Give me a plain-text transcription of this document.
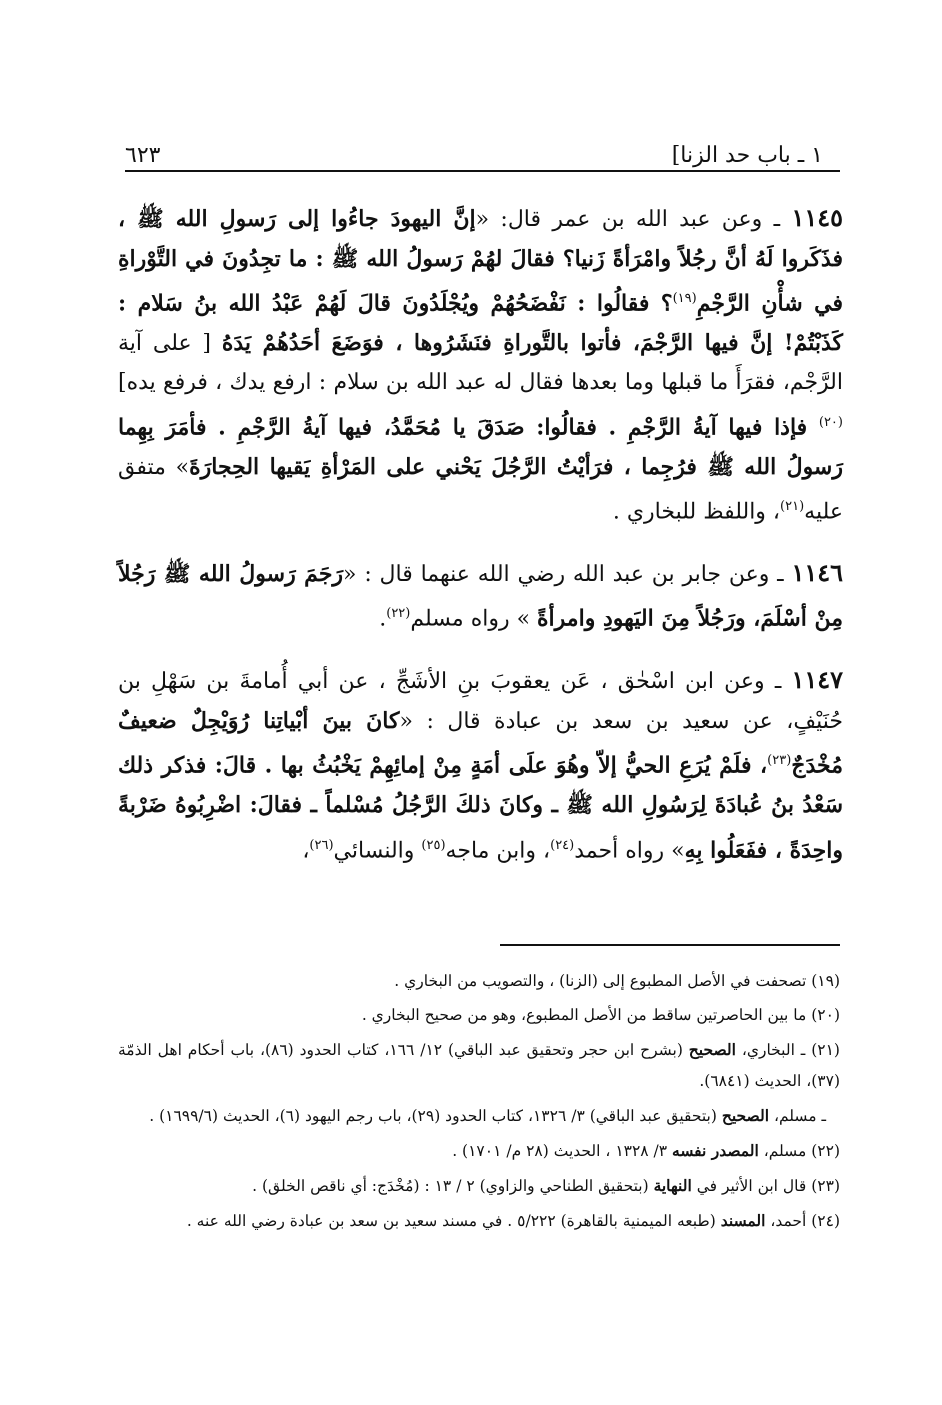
١ ـ باب حد الزنا]
٦٢٣

١١٤٥ ـ وعن عبد الله بن عمر قال: «إنَّ اليهودَ جاءُوا إلى رَسولِ الله ﷺ ، فذَكَروا لَهُ أنَّ رجُلاً وامْرَأةً زَنيا؟ فقالَ لهُمْ رَسولُ الله ﷺ : ما تجِدُونَ في التَّوْراةِ في شأْنِ الرَّجْمِ$^{(١٩)}$؟ فقالُوا : نَفْضَحُهُمْ ويُجْلَدُونَ قالَ لَهُمْ عَبْدُ الله بنُ سَلام : كَذَبْتُمْ! إنَّ فيها الرَّجْمَ، فأتوا بالتَّوراةِ فنَشَرُوها ، فوَضَعَ أحَدُهُمْ يَدَهُ [ على آية الرَّجْم، فقرَأَ ما قبلها وما بعدها فقال له عبد الله بن سلام : ارفع يدك ، فرفع يده]$^{(٢٠)}$ فإذا فيها آيةُ الرَّجْمِ . فقالُوا: صَدَقَ يا مُحَمَّدُ، فيها آيةُ الرَّجْمِ . فأمَرَ بِهِما رَسولُ الله ﷺ فرُجِما ، فرَأيْتُ الرَّجُلَ يَحْني على المَرْأةِ يَقيها الحِجارَةَ» متفق عليه$^{(٢١)}$، واللفظ للبخاري .

١١٤٦ ـ وعن جابر بن عبد الله رضي الله عنهما قال : «رَجَمَ رَسولُ الله ﷺ رَجُلاً مِنْ أسْلَمَ، ورَجُلاً مِنَ اليَهودِ وامرأةً » رواه مسلم$^{(٢٢)}$.

١١٤٧ ـ وعن ابن اسْحٰق ، عَن يعقوبَ بنِ الأشَجِّ ، عن أبي أُمامةَ بن سَهْلِ بن حُنَيْفٍ، عن سعيد بن سعد بن عبادة قال : «كانَ بينَ أبْياتِنا رُوَيْجِلٌ ضعيفٌ مُخْدَجٌ$^{(٢٣)}$، فلَمْ يُرَعِ الحيُّ إلاّ وهُوَ علَى أمَةٍ مِنْ إمائِهِمْ يَخْبُثُ بها . قالَ: فذكر ذلك سَعْدُ بنُ عُبادَةَ لِرَسُولِ الله ﷺ ـ وكانَ ذلكَ الرَّجُلُ مُسْلماً ـ فقالَ: اضْرِبُوهُ ضَرْبةً واحِدَةً ، ففَعَلُوا بِهِ» رواه أحمد$^{(٢٤)}$، وابن ماجه$^{(٢٥)}$ والنسائي$^{(٢٦)}$،

(١٩) تصحفت في الأصل المطبوع إلى (الزنا) ، والتصويب من البخاري .

(٢٠) ما بين الحاصرتين ساقط من الأصل المطبوع، وهو من صحيح البخاري .

(٢١) ـ البخاري، الصحيح (بشرح ابن حجر وتحقيق عبد الباقي) ١٢/ ١٦٦، كتاب الحدود (٨٦)، باب أحكام اهل الذمّة (٣٧)، الحديث (٦٨٤١).

ـ مسلم، الصحيح (بتحقيق عبد الباقي) ٣/ ١٣٢٦، كتاب الحدود (٢٩)، باب رجم اليهود (٦)، الحديث (١٦٩٩/٦) .

(٢٢) مسلم، المصدر نفسه ٣/ ١٣٢٨ ، الحديث (٢٨ م/ ١٧٠١) .

(٢٣) قال ابن الأثير في النهاية (بتحقيق الطناحي والزاوي) ٢ / ١٣ : (مُخْدَج: أي ناقص الخلق) .

(٢٤) أحمد، المسند (طبعه الميمنية بالقاهرة) ٥/٢٢٢ . في مسند سعيد بن سعد بن عبادة رضي الله عنه .
